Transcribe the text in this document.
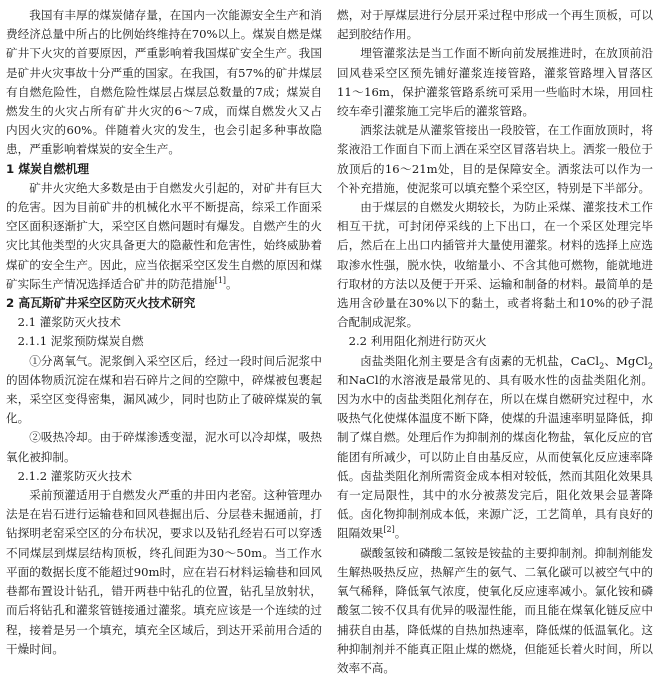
我国有丰厚的煤炭储存量，在国内一次能源安全生产和消费经济总量中所占的比例始终维持在70%以上。煤炭自燃是煤矿井下火灾的首要原因，严重影响着我国煤矿安全生产。我国是矿井火灾事故十分严重的国家。在我国，有57%的矿井煤层有自燃危险性，自燃危险性煤层占煤层总数量的7成；煤炭自燃发生的火灾占所有矿井火灾的6～7成，而煤自燃发火又占内因火灾的60%。伴随着火灾的发生，也会引起多种事故隐患，严重影响着煤炭的安全生产。

1 煤炭自燃机理

矿井火灾绝大多数是由于自燃发火引起的，对矿井有巨大的危害。因为目前矿井的机械化水平不断提高，综采工作面采空区面积逐渐扩大，采空区自燃问题时有爆发。自燃产生的火灾比其他类型的火灾具备更大的隐蔽性和危害性，始终威胁着煤矿的安全生产。因此，应当依据采空区发生自燃的原因和煤矿实际生产情况选择适合矿井的防范措施[1]。

2 高瓦斯矿井采空区防灭火技术研究

2.1 灌浆防灭火技术

2.1.1 泥浆预防煤炭自燃

①分离氧气。泥浆倒入采空区后，经过一段时间后泥浆中的固体物质沉淀在煤和岩石碎片之间的空隙中，碎煤被包裹起来，采空区变得密集，漏风减少，同时也防止了破碎煤炭的氧化。

②吸热冷却。由于碎煤渗透变湿，泥水可以冷却煤，吸热氧化被抑制。

2.1.2 灌浆防灭火技术

采前预灌适用于自燃发火严重的井田内老窑。这种管理办法是在岩石进行运输巷和回风巷掘出后、分层巷未掘通前，打钻探明老窑采空区的分布状况，要求以及钻孔经岩石可以穿透不同煤层到煤层结构顶板，终孔间距为30～50m。当工作水平面的数据长度不能超过90m时，应在岩石材料运输巷和回风巷都布置设计钻孔，错开两巷中钻孔的位置，钻孔呈放射状，而后将钻孔和灌浆管链接通过灌浆。填充应该是一个连续的过程，接着是另一个填充，填充全区域后，到达开采前用合适的干燥时间。

燃，对于厚煤层进行分层开采过程中形成一个再生顶板，可以起到胶结作用。

埋管灌浆法是当工作面不断向前发展推进时，在放顶前沿回风巷采空区预先铺好灌浆连接管路，灌浆管路埋入冒落区11～16m，保护灌浆管路系统可采用一些临时木垛，用回柱绞车牵引灌浆施工完毕后的灌浆管路。

洒浆法就是从灌浆管接出一段胶管，在工作面放顶时，将浆液沿工作面自下而上洒在采空区冒落岩块上。洒浆一般位于放顶后的16～21m处，目的是保障安全。洒浆法可以作为一个补充措施，使泥浆可以填充整个采空区，特别是下半部分。

由于煤层的自燃发火期较长，为防止采煤、灌浆技术工作相互干扰，可封闭停采线的上下出口，在一个采区处理完毕后，然后在上出口内插管并大量使用灌浆。材料的选择上应选取渗水性强，脱水快，收缩量小、不含其他可燃物，能就地进行取材的方法以及便于开采、运输和制备的材料。最简单的是选用含砂量在30%以下的黏土，或者将黏土和10%的砂子混合配制成泥浆。

2.2 利用阻化剂进行防灭火

卤盐类阻化剂主要是含有卤素的无机盐，CaCl$_2$、MgCl$_2$和NaCl的水溶液是最常见的、具有吸水性的卤盐类阻化剂。因为水中的卤盐类阻化剂存在，所以在煤自燃研究过程中，水吸热气化使煤体温度不断下降，使煤的升温速率明显降低，抑制了煤自燃。处理后作为抑制剂的煤卤化物盐，氧化反应的官能团有所减少，可以防止自由基反应，从而使氧化反应速率降低。卤盐类阻化剂所需资金成本相对较低，然而其阻化效果具有一定局限性，其中的水分被蒸发完后，阻化效果会显著降低。卤化物抑制剂成本低，来源广泛，工艺简单，具有良好的阻隔效果[2]。

碳酸氢铵和磷酸二氢铵是铵盐的主要抑制剂。抑制剂能发生解热吸热反应，热解产生的氨气、二氧化碳可以被空气中的氧气稀释，降低氧气浓度，使氧化反应速率减小。氯化铵和磷酸氢二铵不仅具有优异的吸湿性能，而且能在煤氧化链反应中捕获自由基，降低煤的自热加热速率，降低煤的低温氧化。这种抑制剂并不能真正阻止煤的燃烧，但能延长着火时间，所以效率不高。
